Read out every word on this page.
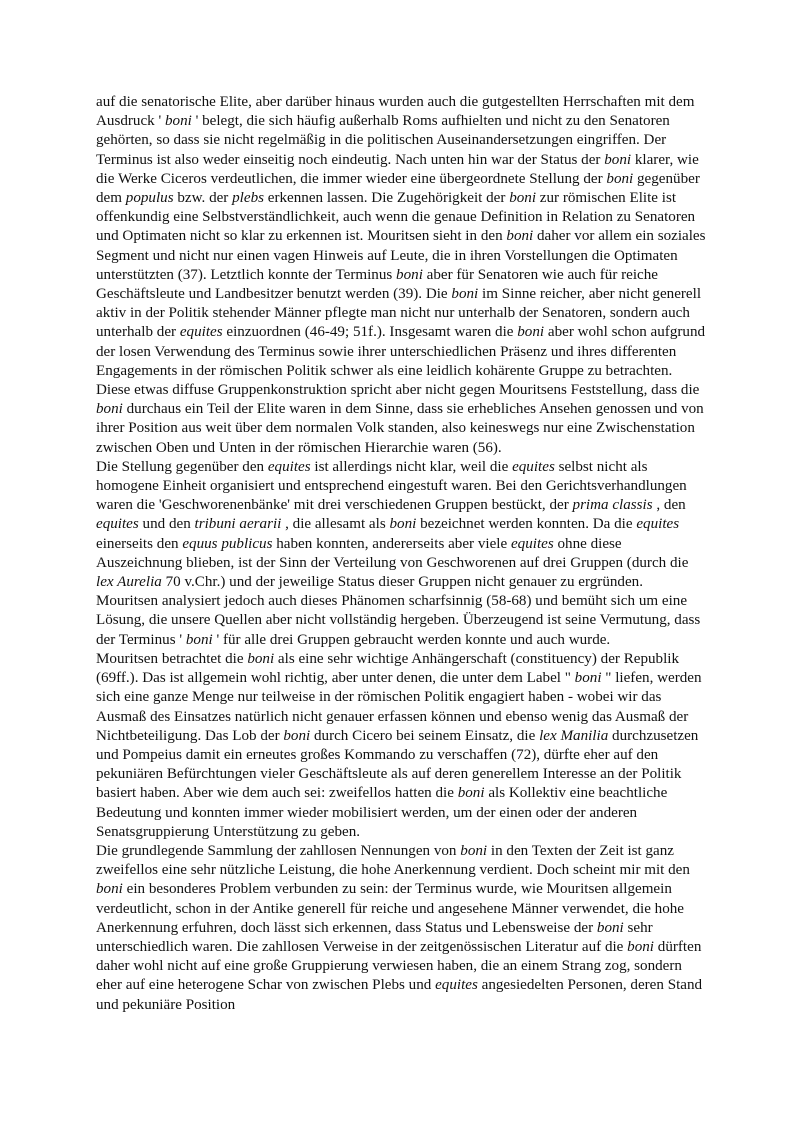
auf die senatorische Elite, aber darüber hinaus wurden auch die gutgestellten Herrschaften mit dem Ausdruck ' boni ' belegt, die sich häufig außerhalb Roms aufhielten und nicht zu den Senatoren gehörten, so dass sie nicht regelmäßig in die politischen Auseinandersetzungen eingriffen. Der Terminus ist also weder einseitig noch eindeutig. Nach unten hin war der Status der boni klarer, wie die Werke Ciceros verdeutlichen, die immer wieder eine übergeordnete Stellung der boni gegenüber dem populus bzw. der plebs erkennen lassen. Die Zugehörigkeit der boni zur römischen Elite ist offenkundig eine Selbstverständlichkeit, auch wenn die genaue Definition in Relation zu Senatoren und Optimaten nicht so klar zu erkennen ist. Mouritsen sieht in den boni daher vor allem ein soziales Segment und nicht nur einen vagen Hinweis auf Leute, die in ihren Vorstellungen die Optimaten unterstützten (37). Letztlich konnte der Terminus boni aber für Senatoren wie auch für reiche Geschäftsleute und Landbesitzer benutzt werden (39). Die boni im Sinne reicher, aber nicht generell aktiv in der Politik stehender Männer pflegte man nicht nur unterhalb der Senatoren, sondern auch unterhalb der equites einzuordnen (46-49; 51f.). Insgesamt waren die boni aber wohl schon aufgrund der losen Verwendung des Terminus sowie ihrer unterschiedlichen Präsenz und ihres differenten Engagements in der römischen Politik schwer als eine leidlich kohärente Gruppe zu betrachten. Diese etwas diffuse Gruppenkonstruktion spricht aber nicht gegen Mouritsens Feststellung, dass die boni durchaus ein Teil der Elite waren in dem Sinne, dass sie erhebliches Ansehen genossen und von ihrer Position aus weit über dem normalen Volk standen, also keineswegs nur eine Zwischenstation zwischen Oben und Unten in der römischen Hierarchie waren (56).

Die Stellung gegenüber den equites ist allerdings nicht klar, weil die equites selbst nicht als homogene Einheit organisiert und entsprechend eingestuft waren. Bei den Gerichtsverhandlungen waren die 'Geschworenenbänke' mit drei verschiedenen Gruppen bestückt, der prima classis , den equites und den tribuni aerarii , die allesamt als boni bezeichnet werden konnten. Da die equites einerseits den equus publicus haben konnten, andererseits aber viele equites ohne diese Auszeichnung blieben, ist der Sinn der Verteilung von Geschworenen auf drei Gruppen (durch die lex Aurelia 70 v.Chr.) und der jeweilige Status dieser Gruppen nicht genauer zu ergründen. Mouritsen analysiert jedoch auch dieses Phänomen scharfsinnig (58-68) und bemüht sich um eine Lösung, die unsere Quellen aber nicht vollständig hergeben. Überzeugend ist seine Vermutung, dass der Terminus ' boni ' für alle drei Gruppen gebraucht werden konnte und auch wurde.

Mouritsen betrachtet die boni als eine sehr wichtige Anhängerschaft (constituency) der Republik (69ff.). Das ist allgemein wohl richtig, aber unter denen, die unter dem Label " boni " liefen, werden sich eine ganze Menge nur teilweise in der römischen Politik engagiert haben - wobei wir das Ausmaß des Einsatzes natürlich nicht genauer erfassen können und ebenso wenig das Ausmaß der Nichtbeteiligung. Das Lob der boni durch Cicero bei seinem Einsatz, die lex Manilia durchzusetzen und Pompeius damit ein erneutes großes Kommando zu verschaffen (72), dürfte eher auf den pekuniären Befürchtungen vieler Geschäftsleute als auf deren generellem Interesse an der Politik basiert haben. Aber wie dem auch sei: zweifellos hatten die boni als Kollektiv eine beachtliche Bedeutung und konnten immer wieder mobilisiert werden, um der einen oder der anderen Senatsgruppierung Unterstützung zu geben.

Die grundlegende Sammlung der zahllosen Nennungen von boni in den Texten der Zeit ist ganz zweifellos eine sehr nützliche Leistung, die hohe Anerkennung verdient. Doch scheint mir mit den boni ein besonderes Problem verbunden zu sein: der Terminus wurde, wie Mouritsen allgemein verdeutlicht, schon in der Antike generell für reiche und angesehene Männer verwendet, die hohe Anerkennung erfuhren, doch lässt sich erkennen, dass Status und Lebensweise der boni sehr unterschiedlich waren. Die zahllosen Verweise in der zeitgenössischen Literatur auf die boni dürften daher wohl nicht auf eine große Gruppierung verwiesen haben, die an einem Strang zog, sondern eher auf eine heterogene Schar von zwischen Plebs und equites angesiedelten Personen, deren Stand und pekuniäre Position
